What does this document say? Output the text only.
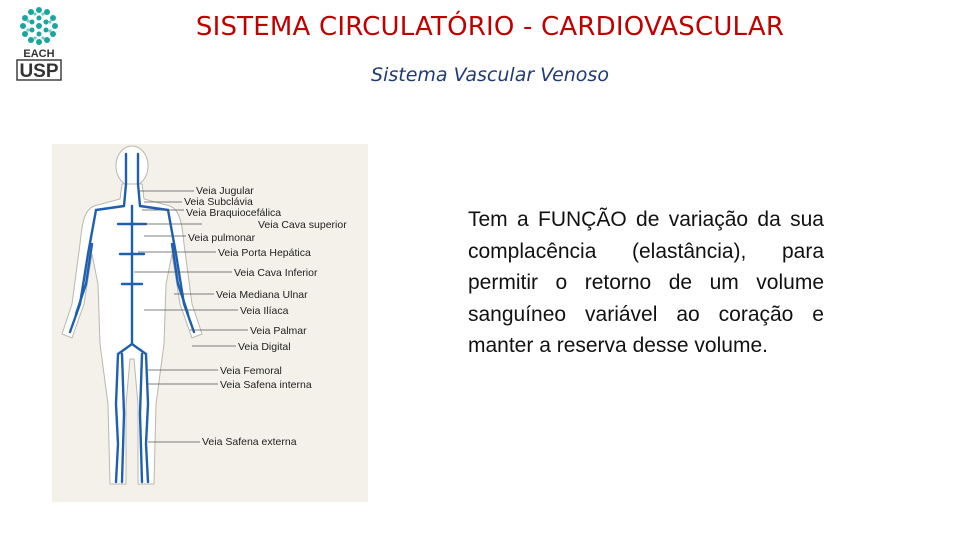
EACH
USP
SISTEMA CIRCULATÓRIO - CARDIOVASCULAR
Sistema Vascular Venoso
Veia Jugular
Veia Subclávia
Veia Braquiocefálica
Veia Cava superior
Veia pulmonar
Veia Porta Hepática
Veia Cava Inferior
Veia Mediana Ulnar
Veia Ilíaca
Veia Palmar
Veia Digital
Veia Femoral
Veia Safena interna
Veia Safena externa
Tem a FUNÇÃO de variação da sua complacência (elastância), para permitir o retorno de um volume sanguíneo variável ao coração e manter a reserva desse volume.
